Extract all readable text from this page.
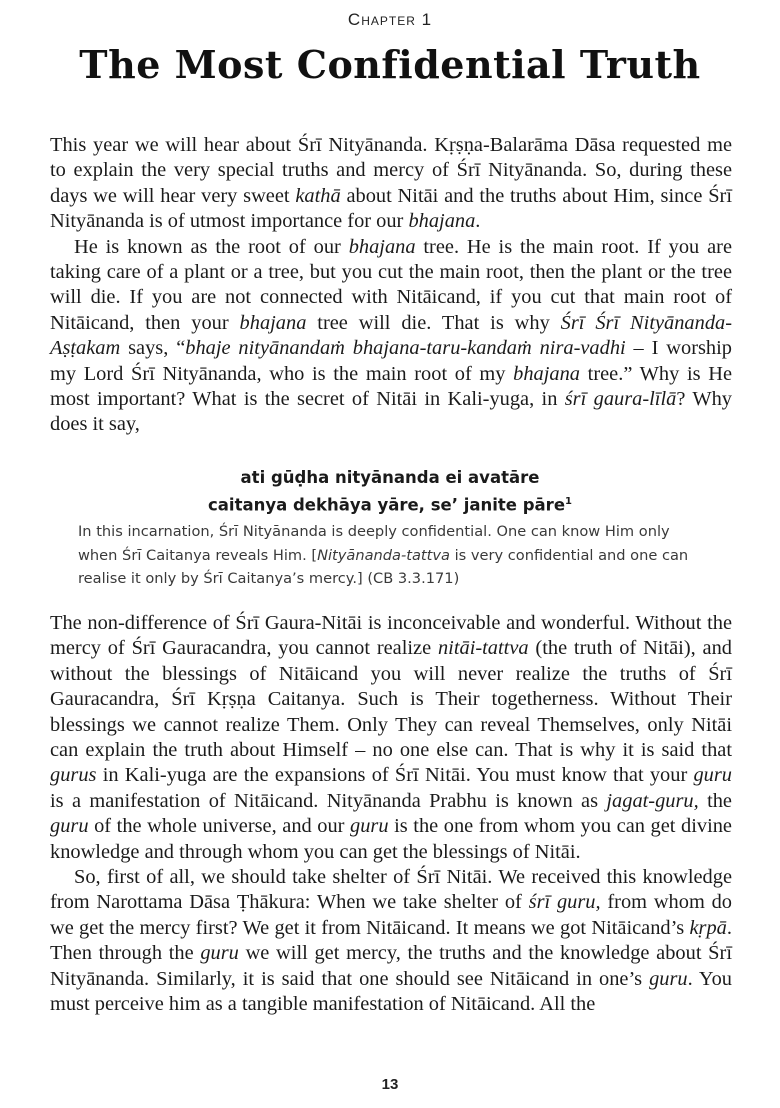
Chapter 1
The Most Confidential Truth

This year we will hear about Śrī Nityānanda. Kṛṣṇa-Balarāma Dāsa requested me to explain the very special truths and mercy of Śrī Nityānanda. So, during these days we will hear very sweet kathā about Nitāi and the truths about Him, since Śrī Nityānanda is of utmost importance for our bhajana.

He is known as the root of our bhajana tree. He is the main root. If you are taking care of a plant or a tree, but you cut the main root, then the plant or the tree will die. If you are not connected with Nitāicand, if you cut that main root of Nitāicand, then your bhajana tree will die. That is why Śrī Śrī Nityānanda-Aṣṭakam says, “bhaje nityānandaṁ bhajana-taru-kandaṁ nira-vadhi – I worship my Lord Śrī Nityānanda, who is the main root of my bhajana tree.” Why is He most important? What is the secret of Nitāi in Kali-yuga, in śrī gaura-līlā? Why does it say,

ati gūḍha nityānanda ei avatāre
caitanya dekhāya yāre, se’ janite pāre$^1$
In this incarnation, Śrī Nityānanda is deeply confidential. One can know Him only when Śrī Caitanya reveals Him. [Nityānanda-tattva is very confidential and one can realise it only by Śrī Caitanya’s mercy.] (CB 3.3.171)

The non-difference of Śrī Gaura-Nitāi is inconceivable and wonderful. Without the mercy of Śrī Gauracandra, you cannot realize nitāi-tattva (the truth of Nitāi), and without the blessings of Nitāicand you will never realize the truths of Śrī Gauracandra, Śrī Kṛṣṇa Caitanya. Such is Their togetherness. Without Their blessings we cannot realize Them. Only They can reveal Themselves, only Nitāi can explain the truth about Himself – no one else can. That is why it is said that gurus in Kali-yuga are the expansions of Śrī Nitāi. You must know that your guru is a manifestation of Nitāicand. Nityānanda Prabhu is known as jagat-guru, the guru of the whole universe, and our guru is the one from whom you can get divine knowledge and through whom you can get the blessings of Nitāi.

So, first of all, we should take shelter of Śrī Nitāi. We received this knowledge from Narottama Dāsa Ṭhākura: When we take shelter of śrī guru, from whom do we get the mercy first? We get it from Nitāicand. It means we got Nitāicand’s kṛpā. Then through the guru we will get mercy, the truths and the knowledge about Śrī Nityānanda. Similarly, it is said that one should see Nitāicand in one’s guru. You must perceive him as a tangible manifestation of Nitāicand. All the

13
